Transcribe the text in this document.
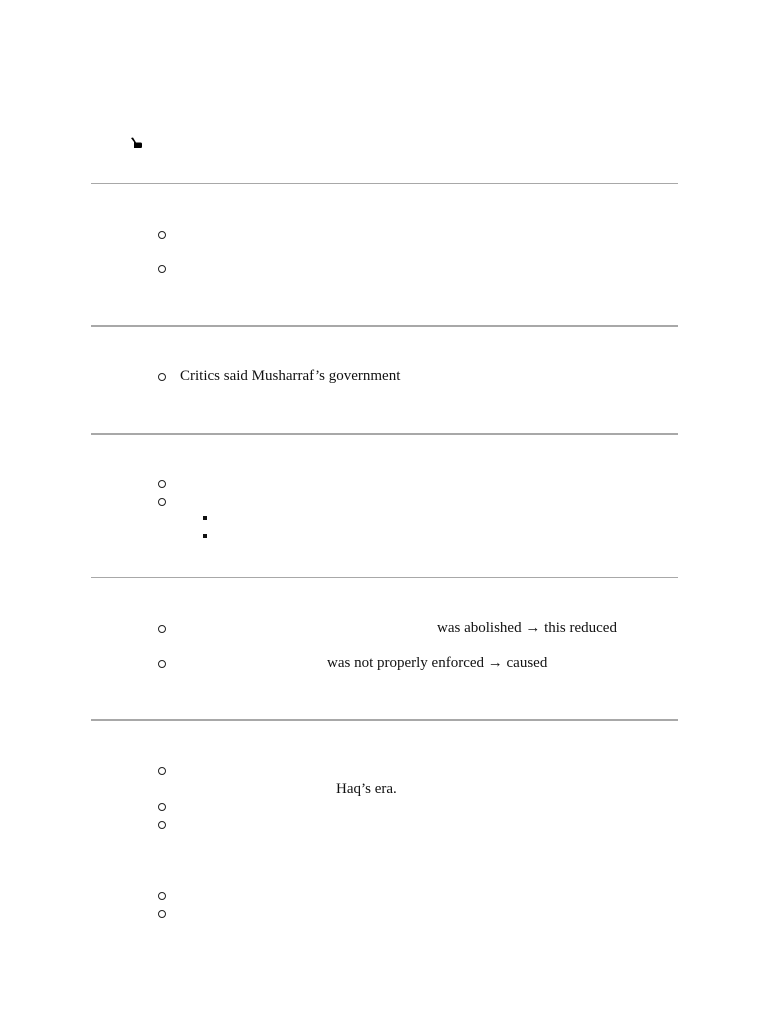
Critics said Musharraf’s government
was abolished → this reduced
was not properly enforced → caused
Haq’s era.
